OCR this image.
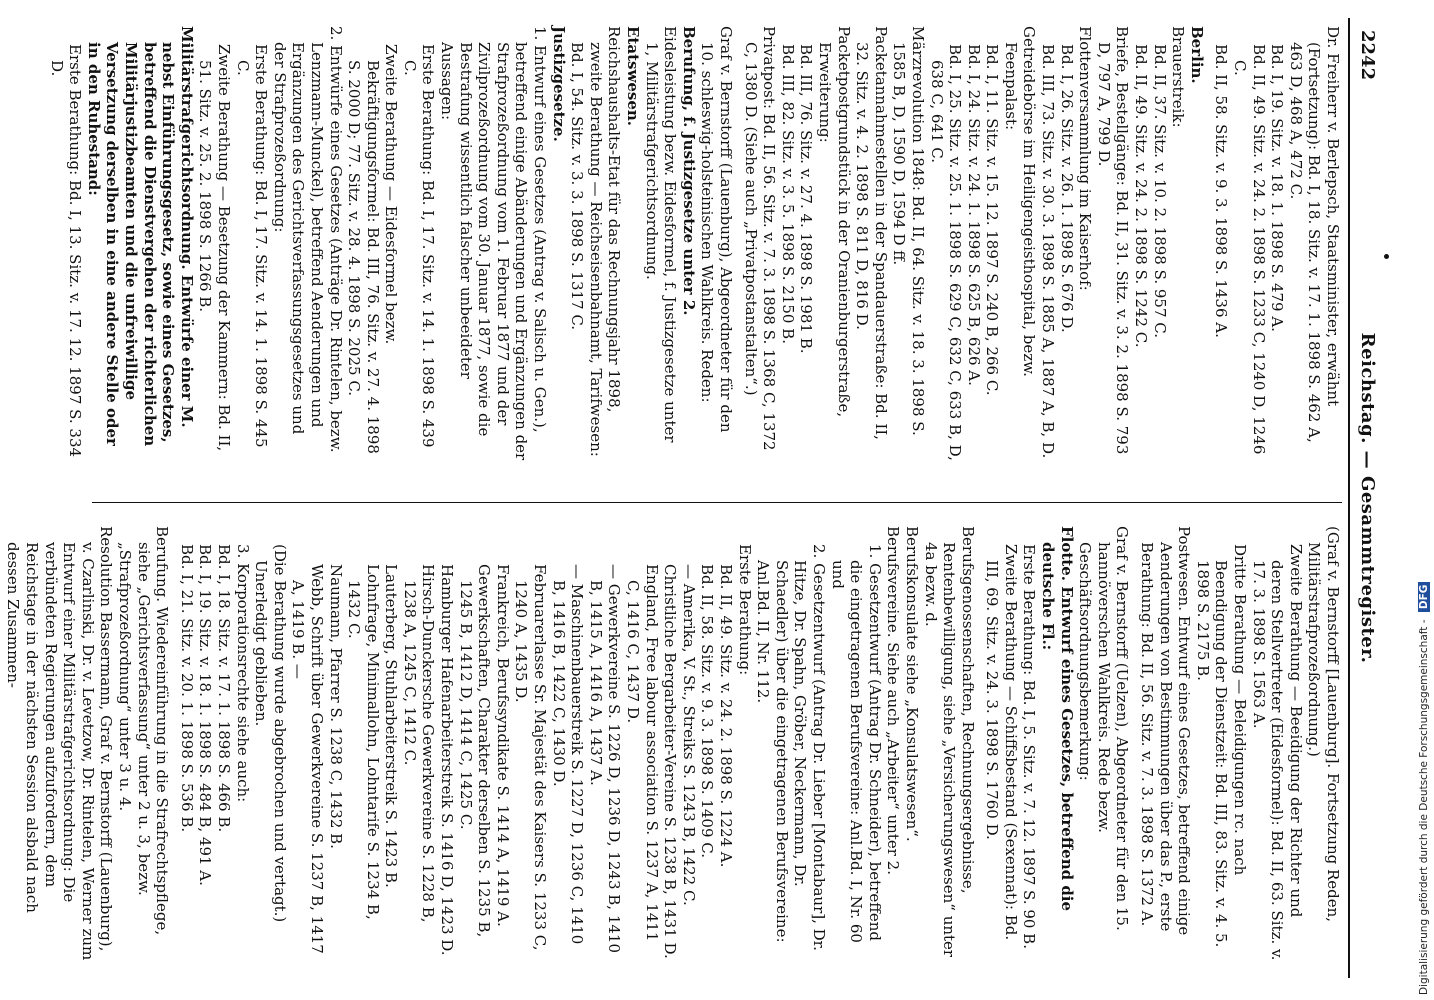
2242
Reichstag. — Gesammtregister.

Dr. Freiherr v. Berlepsch, Staatsminister, erwähnt (Fortsetzung): Bd. I, 18. Sitz. v. 17. 1. 1898 S. 462 A, 463 D, 468 A, 472 C.

Bd. I, 19. Sitz. v. 18. 1. 1898 S. 479 A.

Bd. II, 49. Sitz. v. 24. 2. 1898 S. 1233 C, 1240 D, 1246 C.

Bd. II, 58. Sitz. v. 9. 3. 1898 S. 1436 A.

Berlin.

Brauerstreik:

Bd. II, 37. Sitz. v. 10. 2. 1898 S. 957 C.

Bd. II, 49. Sitz. v. 24. 2. 1898 S. 1242 C.

Briefe, Bestellgänge: Bd. II, 31. Sitz. v. 3. 2. 1898 S. 793 D, 797 A, 799 D.

Flottenversammlung im Kaiserhof:

Bd. I, 26. Sitz. v. 26. 1. 1898 S. 676 D.

Bd. III, 73. Sitz. v. 30. 3. 1898 S. 1885 A, 1887 A, B, D.

Getreidebörse im Heiligengeisthospital, bezw. Feenpalast:

Bd. I, 11. Sitz. v. 15. 12. 1897 S. 240 B, 266 C.

Bd. I, 24. Sitz. v. 24. 1. 1898 S. 625 B, 626 A.

Bd. I, 25. Sitz. v. 25. 1. 1898 S. 629 C, 632 C, 633 B, D, 638 C, 641 C.

Märzrevolution 1848: Bd. II, 64. Sitz. v. 18. 3. 1898 S. 1585 B, D, 1590 D, 1594 D ff.

Packetannahmestellen in der Spandauerstraße: Bd. II, 32. Sitz. v. 4. 2. 1898 S. 811 D, 816 D.

Packetpostgrundstück in der Oranienburgerstraße, Erweiterung:

Bd. III, 76. Sitz. v. 27. 4. 1898 S. 1981 B.

Bd. III, 82. Sitz. v. 3. 5. 1898 S. 2150 B.

Privatpost: Bd. II, 56. Sitz. v. 7. 3. 1898 S. 1368 C, 1372 C, 1380 D. (Siehe auch „Privatpostanstalten“.)

Graf v. Bernstorff (Lauenburg), Abgeordneter für den 10. schleswig-holsteinischen Wahlkreis. Reden:

Berufung, f. Justizgesetze unter 2.

Eidesleistung bezw. Eidesformel, f. Justizgesetze unter 1, Militärstrafgerichtsordnung.

Etatswesen.

Reichshaushalts-Etat für das Rechnungsjahr 1898, zweite Berathung — Reichseisenbahnamt, Tarifwesen: Bd. I, 54. Sitz. v. 3. 3. 1898 S. 1317 C.

Justizgesetze.

1. Entwurf eines Gesetzes (Antrag v. Salisch u. Gen.), betreffend einige Abänderungen und Ergänzungen der Strafprozeßordnung vom 1. Februar 1877 und der Zivilprozeßordnung vom 30. Januar 1877, sowie die Bestrafung wissentlich falscher unbeeideter Aussagen:

Erste Berathung: Bd. I, 17. Sitz. v. 14. 1. 1898 S. 439 C.

Zweite Berathung — Eidesformel bezw. Bekräftigungsformel: Bd. III, 76. Sitz. v. 27. 4. 1898 S. 2000 D; 77. Sitz. v. 28. 4. 1898 S. 2025 C.

2. Entwürfe eines Gesetzes (Anträge Dr. Rintelen, bezw. Lenzmann-Munckel), betreffend Aenderungen und Ergänzungen des Gerichtsverfassungsgesetzes und der Strafprozeßordnung:

Erste Berathung: Bd. I, 17. Sitz. v. 14. 1. 1898 S. 445 C.

Zweite Berathung — Besetzung der Kammern: Bd. II, 51. Sitz. v. 25. 2. 1898 S. 1266 B.

Militärstrafgerichtsordnung. Entwürfe einer M. nebst Einführungsgesetz, sowie eines Gesetzes, betreffend die Dienstvergehen der richterlichen Militärjustizbeamten und die unfreiwillige Versetzung derselben in eine andere Stelle oder in den Ruhestand:

Erste Berathung: Bd. I, 13. Sitz. v. 17. 12. 1897 S. 334 D.

(Graf v. Bernstorff [Lauenburg]. Fortsetzung Reden, Militärstrafprozeßordnung.)

Zweite Berathung — Beeidigung der Richter und deren Stellvertreter (Eidesformel): Bd. II, 63. Sitz. v. 17. 3. 1898 S. 1563 A.

Dritte Berathung — Beleidigungen rc. nach Beendigung der Dienstzeit: Bd. III, 83. Sitz. v. 4. 5. 1898 S. 2175 B.

Postwesen. Entwurf eines Gesetzes, betreffend einige Aenderungen von Bestimmungen über das P., erste Berathung: Bd. II, 56. Sitz. v. 7. 3. 1898 S. 1372 A.

Graf v. Bernstorff (Uelzen), Abgeordneter für den 15. hannöverschen Wahlkreis. Rede bezw. Geschäftsordnungsbemerkung:

Flotte. Entwurf eines Gesetzes, betreffend die deutsche Fl.:

Erste Berathung: Bd. I, 5. Sitz. v. 7. 12. 1897 S. 90 B.

Zweite Berathung — Schiffsbestand (Sexennat): Bd. III, 69. Sitz. v. 24. 3. 1898 S. 1760 D.

Berufsgenossenschaften, Rechnungsergebnisse, Rentenbewilligung, siehe „Versicherungswesen“ unter 4a bezw. d.

Berufskonsulate siehe „Konsulatswesen“.

Berufsvereine. Siehe auch „Arbeiter“ unter 2.

1. Gesetzentwurf (Antrag Dr. Schneider), betreffend die eingetragenen Berufsvereine: Anl.Bd. I, Nr. 60 und

2. Gesetzentwurf (Antrag Dr. Lieber [Montabaur], Dr. Hitze, Dr. Spahn, Gröber, Neckermann, Dr. Schaedler) über die eingetragenen Berufsvereine: Anl.Bd. II, Nr. 112.

Erste Berathung:

Bd. II, 49. Sitz. v. 24. 2. 1898 S. 1224 A.

Bd. II, 58. Sitz. v. 9. 3. 1898 S. 1409 C.

— Amerika, V. St., Streiks S. 1243 B, 1422 C.

Christliche Bergarbeiter-Vereine S. 1238 B, 1431 D.

England, Free labour association S. 1237 A, 1411 C, 1416 C, 1437 D.

— Gewerkvereine S. 1226 D, 1236 D, 1243 B, 1410 B, 1415 A, 1416 A, 1437 A.

— Maschinenbauerstreik S. 1227 D, 1236 C, 1410 B, 1416 B, 1422 C, 1430 D.

Februarerlasse Sr. Majestät des Kaisers S. 1233 C, 1240 A, 1435 D.

Frankreich, Berufssyndikate S. 1414 A, 1419 A.

Gewerkschaften, Charakter derselben S. 1235 B, 1245 B, 1412 D, 1414 C, 1425 C.

Hamburger Hafenarbeiterstreik S. 1416 D, 1423 D.

Hirsch-Dunckersche Gewerkvereine S. 1228 B, 1238 A, 1245 C, 1412 C.

Lauterberg, Stuhlarbeiterstreik S. 1423 B.

Lohnfrage, Minimallohn, Lohntarife S. 1234 B, 1432 C.

Naumann, Pfarrer S. 1238 C, 1432 B.

Webb, Schrift über Gewerkvereine S. 1237 B, 1417 A, 1419 B. —

(Die Berathung wurde abgebrochen und vertagt.) Unerledigt geblieben.

3. Korporationsrechte siehe auch:

Bd. I, 18. Sitz. v. 17. 1. 1898 S. 466 B.

Bd. I, 19. Sitz. v. 18. 1. 1898 S. 484 B, 491 A.

Bd. I, 21. Sitz. v. 20. 1. 1898 S. 536 B.

Berufung. Wiedereinführung in die Strafrechtspflege, siehe „Gerichtsverfassung“ unter 2 u. 3, bezw. „Strafprozeßordnung“ unter 3 u. 4.

Resolution Bassermann, Graf v. Bernstorff (Lauenburg), v. Czarlinski, Dr. v. Levetzow, Dr. Rintelen, Werner zum Entwurf einer Militärstrafgerichtsordnung: Die verbündeten Regierungen aufzufordern, dem Reichstage in der nächsten Session alsbald nach dessen Zusammen-

Digitalisierung gefördert durch die Deutsche Forschungsgemeinschaft - DFG
